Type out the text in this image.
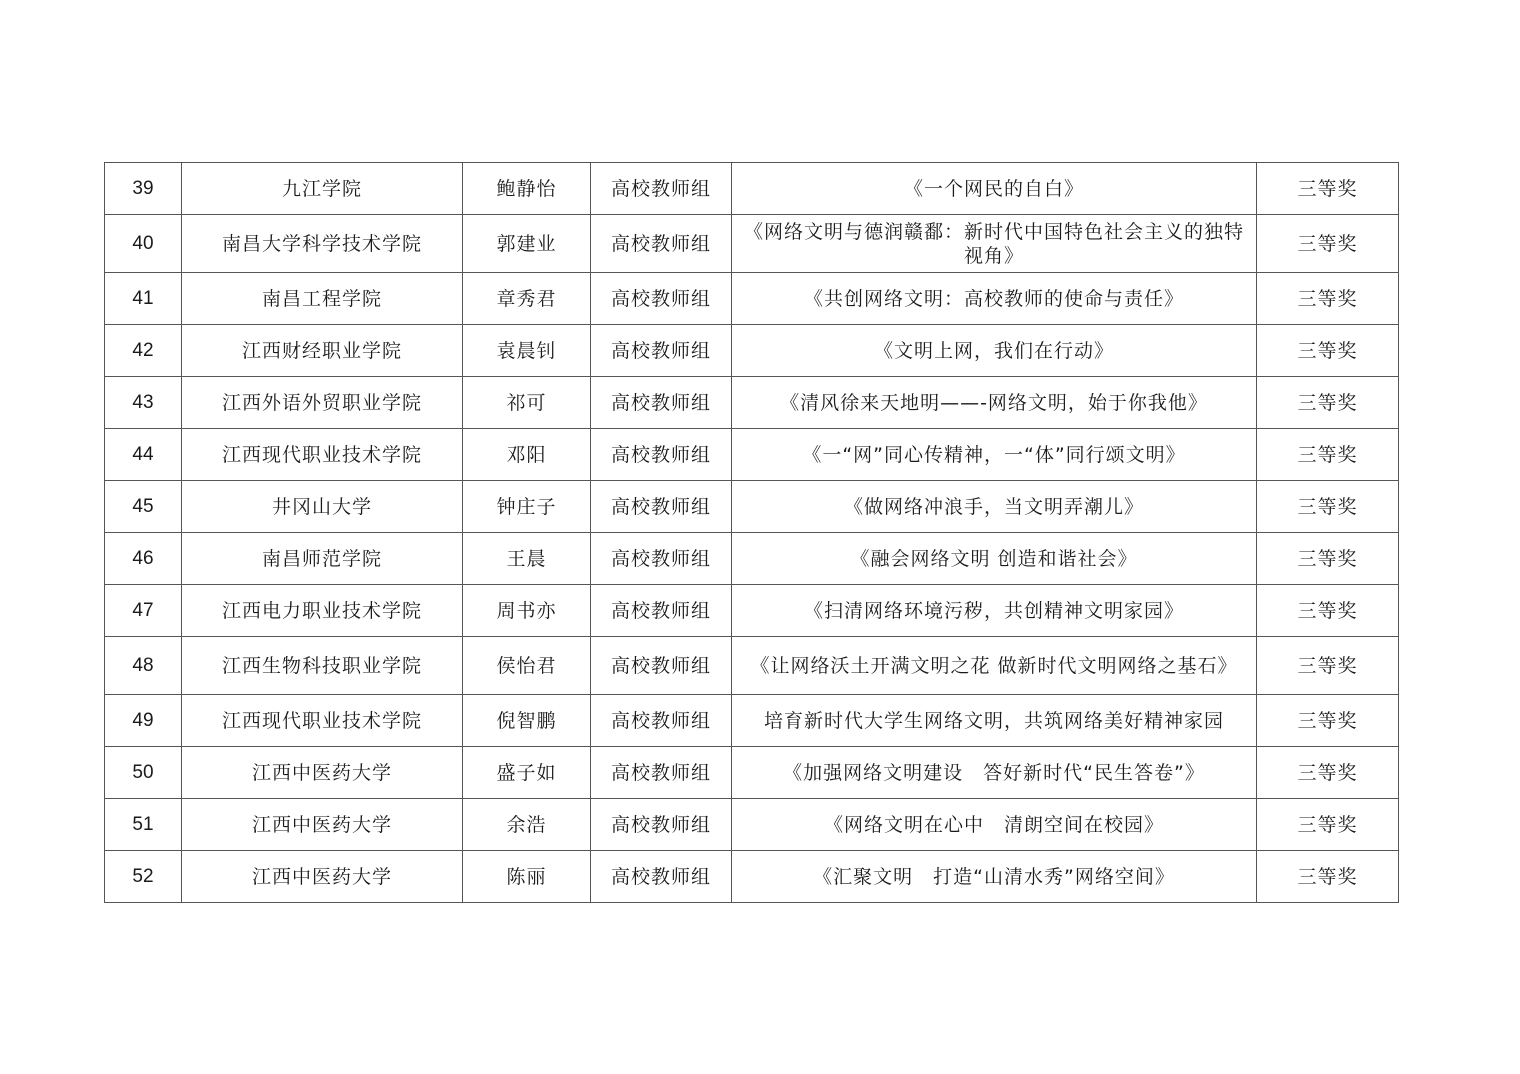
39	九江学院	鲍静怡	高校教师组	《一个网民的自白》	三等奖
40	南昌大学科学技术学院	郭建业	高校教师组	《网络文明与德润赣鄱：新时代中国特色社会主义的独特视角》	三等奖
41	南昌工程学院	章秀君	高校教师组	《共创网络文明：高校教师的使命与责任》	三等奖
42	江西财经职业学院	袁晨钊	高校教师组	《文明上网，我们在行动》	三等奖
43	江西外语外贸职业学院	祁可	高校教师组	《清风徐来天地明——-网络文明，始于你我他》	三等奖
44	江西现代职业技术学院	邓阳	高校教师组	《一“网”同心传精神，一“体”同行颂文明》	三等奖
45	井冈山大学	钟庄子	高校教师组	《做网络冲浪手，当文明弄潮儿》	三等奖
46	南昌师范学院	王晨	高校教师组	《融会网络文明 创造和谐社会》	三等奖
47	江西电力职业技术学院	周书亦	高校教师组	《扫清网络环境污秽，共创精神文明家园》	三等奖
48	江西生物科技职业学院	侯怡君	高校教师组	《让网络沃土开满文明之花 做新时代文明网络之基石》	三等奖
49	江西现代职业技术学院	倪智鹏	高校教师组	培育新时代大学生网络文明，共筑网络美好精神家园	三等奖
50	江西中医药大学	盛子如	高校教师组	《加强网络文明建设　答好新时代“民生答卷”》	三等奖
51	江西中医药大学	余浩	高校教师组	《网络文明在心中　清朗空间在校园》	三等奖
52	江西中医药大学	陈丽	高校教师组	《汇聚文明　打造“山清水秀”网络空间》	三等奖
